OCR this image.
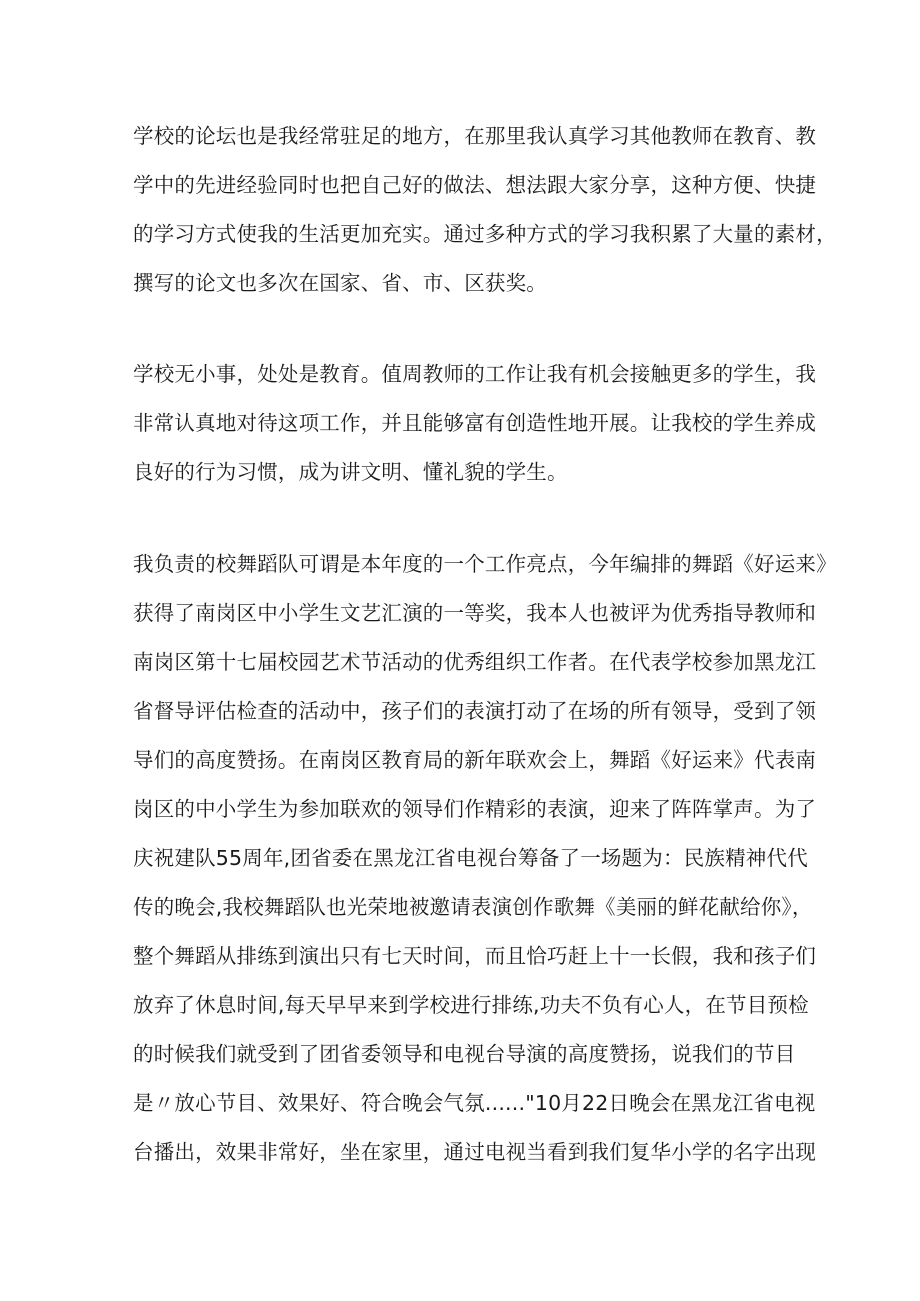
学校的论坛也是我经常驻足的地方，在那里我认真学习其他教师在教育、教
学中的先进经验同时也把自己好的做法、想法跟大家分享，这种方便、快捷
的学习方式使我的生活更加充实。通过多种方式的学习我积累了大量的素材，
撰写的论文也多次在国家、省、市、区获奖。
学校无小事，处处是教育。值周教师的工作让我有机会接触更多的学生，我
非常认真地对待这项工作，并且能够富有创造性地开展。让我校的学生养成
良好的行为习惯，成为讲文明、懂礼貌的学生。
我负责的校舞蹈队可谓是本年度的一个工作亮点，今年编排的舞蹈《好运来》
获得了南岗区中小学生文艺汇演的一等奖，我本人也被评为优秀指导教师和
南岗区第十七届校园艺术节活动的优秀组织工作者。在代表学校参加黑龙江
省督导评估检查的活动中，孩子们的表演打动了在场的所有领导，受到了领
导们的高度赞扬。在南岗区教育局的新年联欢会上，舞蹈《好运来》代表南
岗区的中小学生为参加联欢的领导们作精彩的表演，迎来了阵阵掌声。为了
庆祝建队55周年,团省委在黑龙江省电视台筹备了一场题为：民族精神代代
传的晚会,我校舞蹈队也光荣地被邀请表演创作歌舞《美丽的鲜花献给你》，
整个舞蹈从排练到演出只有七天时间，而且恰巧赶上十一长假，我和孩子们
放弃了休息时间,每天早早来到学校进行排练,功夫不负有心人，在节目预检
的时候我们就受到了团省委领导和电视台导演的高度赞扬，说我们的节目
是〃放心节目、效果好、符合晚会气氛......"10月22日晚会在黑龙江省电视
台播出，效果非常好，坐在家里，通过电视当看到我们复华小学的名字出现
